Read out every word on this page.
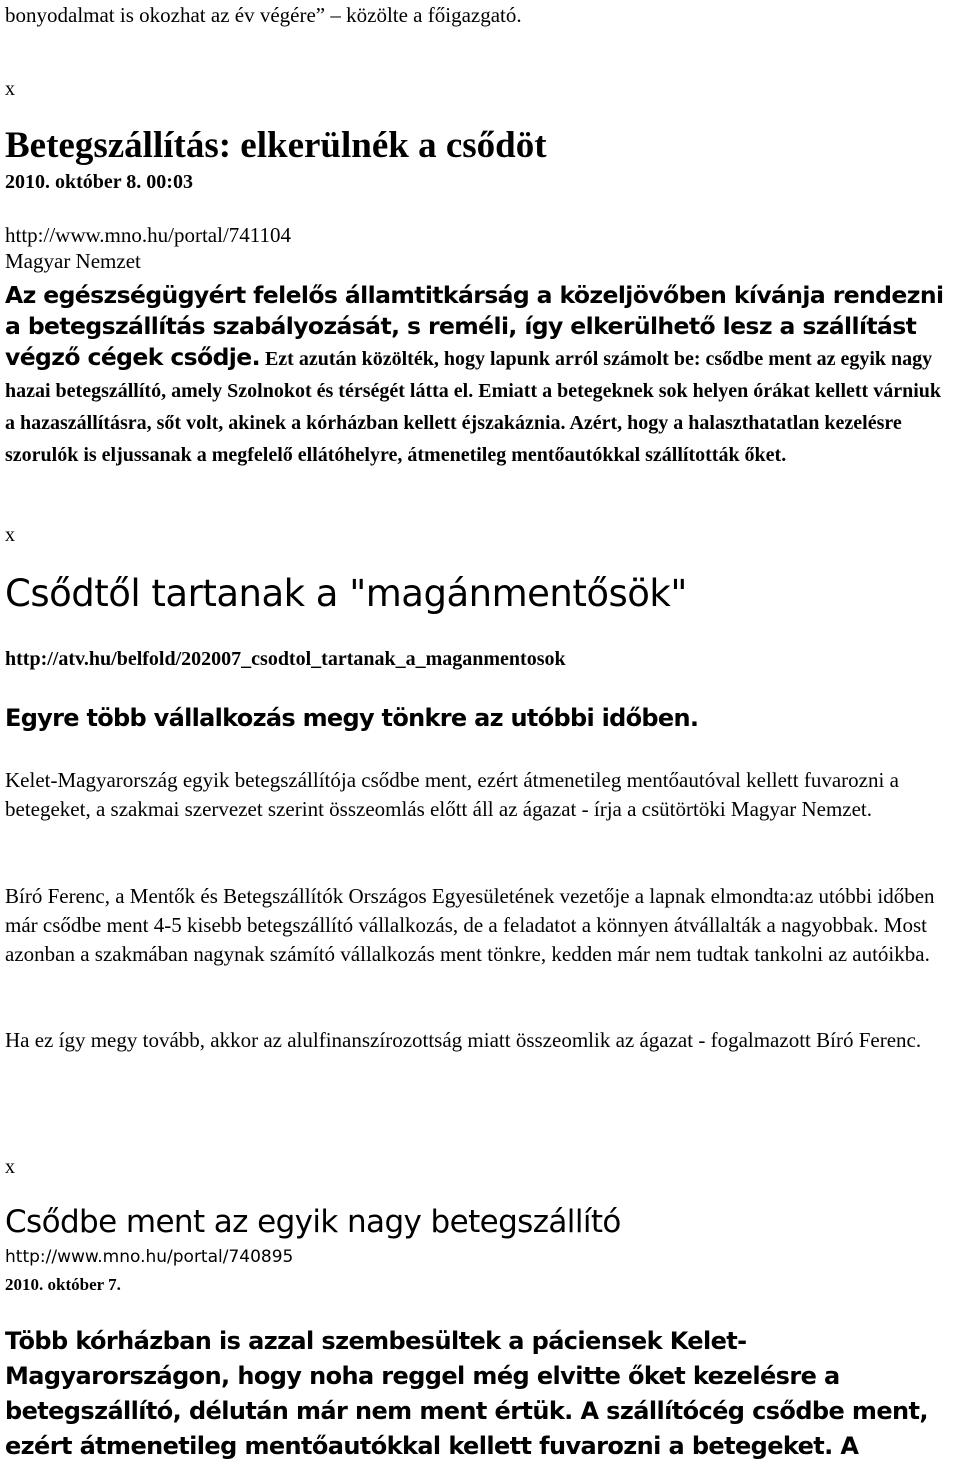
bonyodalmat is okozhat az év végére” – közölte a főigazgató.

x

Betegszállítás: elkerülnék a csődöt

2010. október 8. 00:03

http://www.mno.hu/portal/741104

Magyar Nemzet

Az egészségügyért felelős államtitkárság a közeljövőben kívánja rendezni a betegszállítás szabályozását, s reméli, így elkerülhető lesz a szállítást végző cégek csődje. Ezt azután közölték, hogy lapunk arról számolt be: csődbe ment az egyik nagy hazai betegszállító, amely Szolnokot és térségét látta el. Emiatt a betegeknek sok helyen órákat kellett várniuk a hazaszállításra, sőt volt, akinek a kórházban kellett éjszakáznia. Azért, hogy a halaszthatatlan kezelésre szorulók is eljussanak a megfelelő ellátóhelyre, átmenetileg mentőautókkal szállították őket.

x

Csődtől tartanak a "magánmentősök"

http://atv.hu/belfold/202007_csodtol_tartanak_a_maganmentosok

Egyre több vállalkozás megy tönkre az utóbbi időben.

Kelet-Magyarország egyik betegszállítója csődbe ment, ezért átmenetileg mentőautóval kellett fuvarozni a betegeket, a szakmai szervezet szerint összeomlás előtt áll az ágazat - írja a csütörtöki Magyar Nemzet.

Bíró Ferenc, a Mentők és Betegszállítók Országos Egyesületének vezetője a lapnak elmondta:az utóbbi időben már csődbe ment 4-5 kisebb betegszállító vállalkozás, de a feladatot a könnyen átvállalták a nagyobbak. Most azonban a szakmában nagynak számító vállalkozás ment tönkre, kedden már nem tudtak tankolni az autóikba.

Ha ez így megy tovább, akkor az alulfinanszírozottság miatt összeomlik az ágazat - fogalmazott Bíró Ferenc.

x

Csődbe ment az egyik nagy betegszállító

http://www.mno.hu/portal/740895

2010. október 7.

Több kórházban is azzal szembesültek a páciensek Kelet-Magyarországon, hogy noha reggel még elvitte őket kezelésre a betegszállító, délután már nem ment értük. A szállítócég csődbe ment, ezért átmenetileg mentőautókkal kellett fuvarozni a betegeket. A
